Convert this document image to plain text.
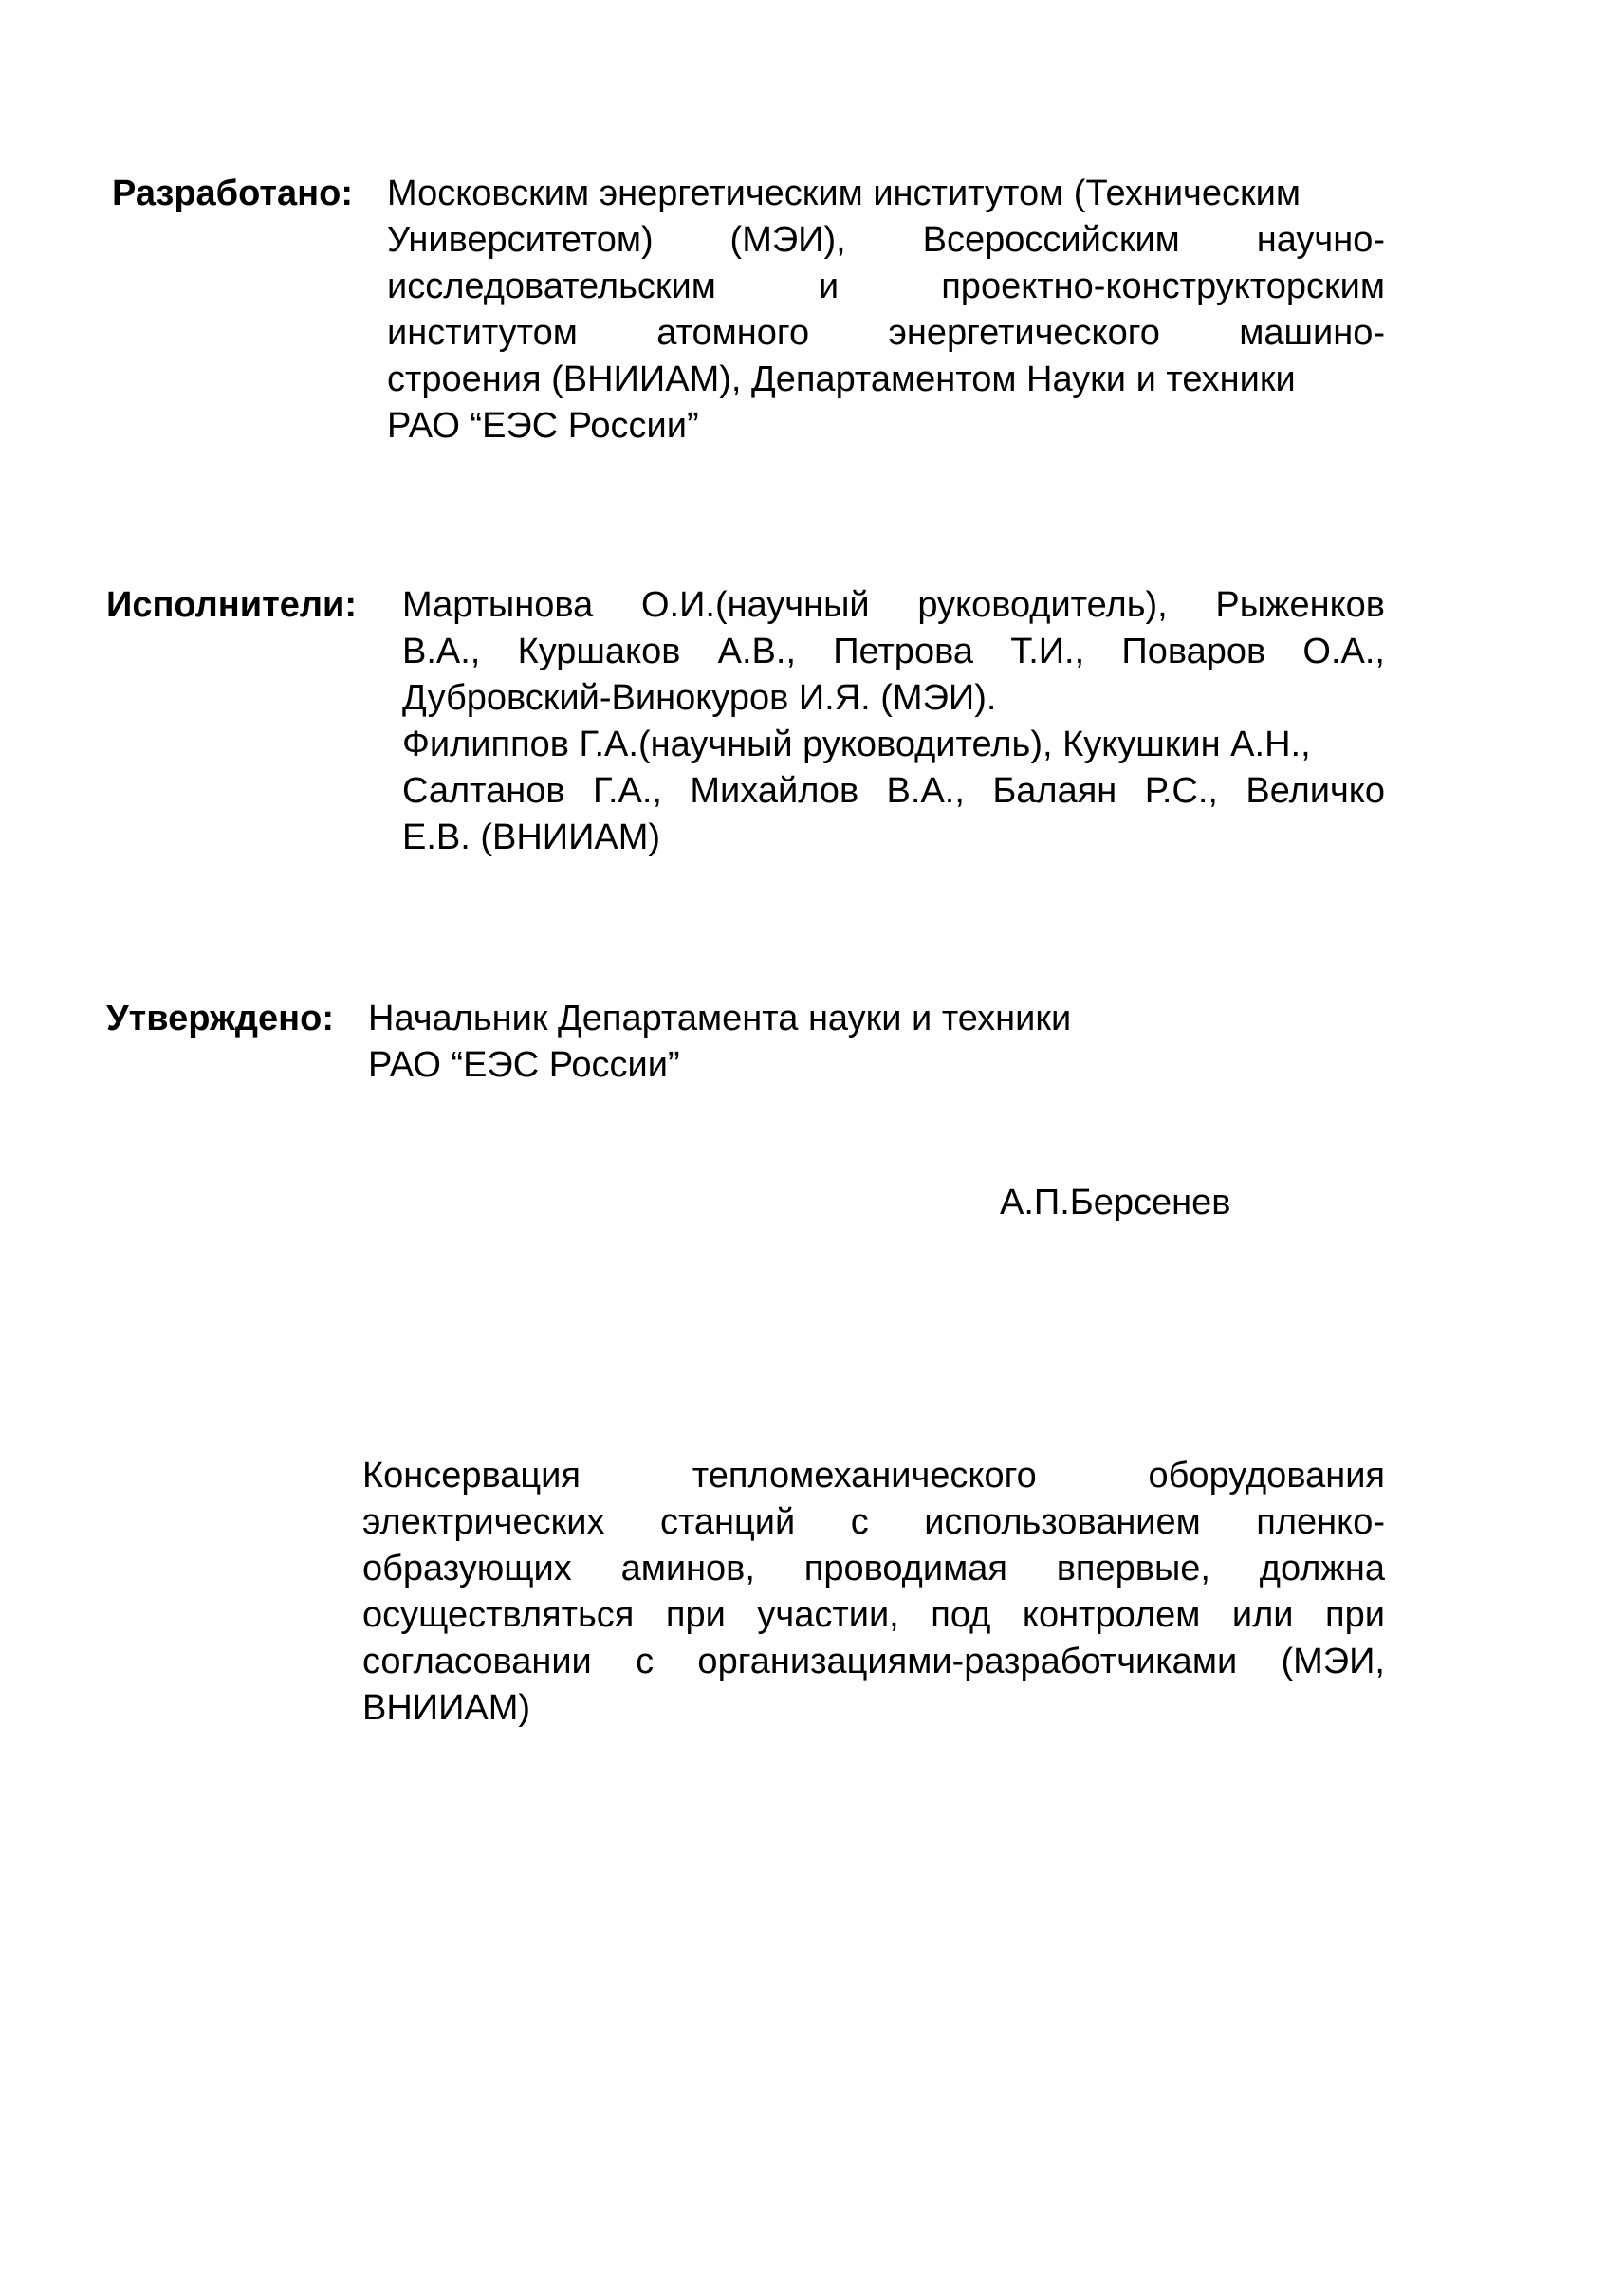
Разработано: Московским энергетическим институтом (Техническим
Университетом) (МЭИ), Всероссийским научно-
исследовательским и проектно-конструкторским
институтом атомного энергетического машино-
строения (ВНИИАМ), Департаментом Науки и техники
РАО “ЕЭС России”
Исполнители: Мартынова О.И.(научный руководитель), Рыженков
В.А., Куршаков А.В., Петрова Т.И., Поваров О.А.,
Дубровский-Винокуров И.Я. (МЭИ).
Филиппов Г.А.(научный руководитель), Кукушкин А.Н.,
Салтанов Г.А., Михайлов В.А., Балаян Р.С., Величко
Е.В. (ВНИИАМ)
Утверждено: Начальник Департамента науки и техники
РАО “ЕЭС России”
А.П.Берсенев
Консервация тепломеханического оборудования
электрических станций с использованием пленко-
образующих аминов, проводимая впервые, должна
осуществляться при участии, под контролем или при
согласовании с организациями-разработчиками (МЭИ,
ВНИИАМ)
